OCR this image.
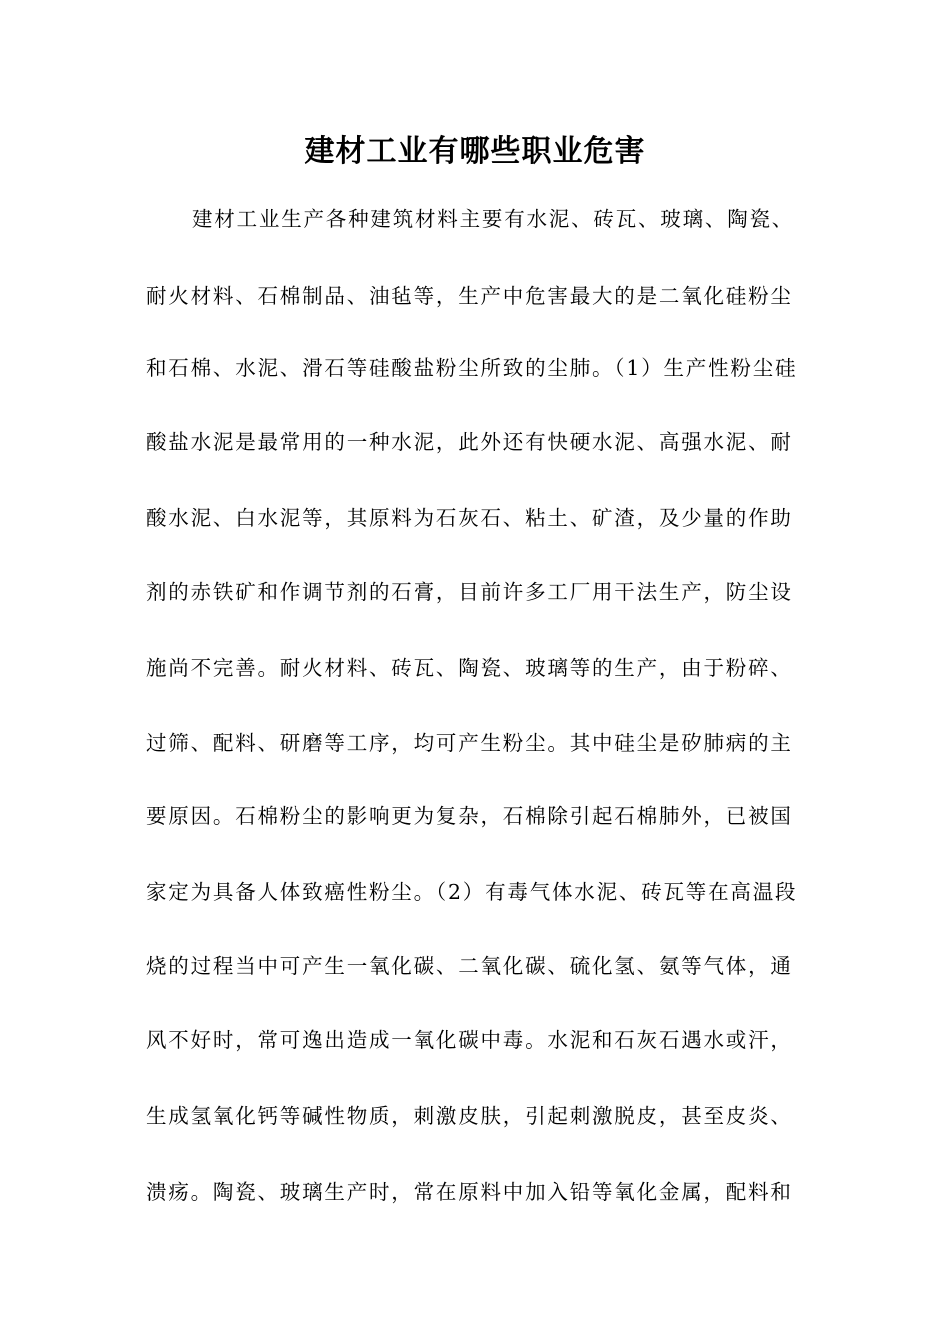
建材工业有哪些职业危害
建材工业生产各种建筑材料主要有水泥、砖瓦、玻璃、陶瓷、
耐火材料、石棉制品、油毡等，生产中危害最大的是二氧化硅粉尘
和石棉、水泥、滑石等硅酸盐粉尘所致的尘肺。（1）生产性粉尘硅
酸盐水泥是最常用的一种水泥，此外还有快硬水泥、高强水泥、耐
酸水泥、白水泥等，其原料为石灰石、粘土、矿渣，及少量的作助
剂的赤铁矿和作调节剂的石膏，目前许多工厂用干法生产，防尘设
施尚不完善。耐火材料、砖瓦、陶瓷、玻璃等的生产，由于粉碎、
过筛、配料、研磨等工序，均可产生粉尘。其中硅尘是矽肺病的主
要原因。石棉粉尘的影响更为复杂，石棉除引起石棉肺外，已被国
家定为具备人体致癌性粉尘。（2）有毒气体水泥、砖瓦等在高温段
烧的过程当中可产生一氧化碳、二氧化碳、硫化氢、氨等气体，通
风不好时，常可逸出造成一氧化碳中毒。水泥和石灰石遇水或汗，
生成氢氧化钙等碱性物质，刺激皮肤，引起刺激脱皮，甚至皮炎、
溃疡。陶瓷、玻璃生产时，常在原料中加入铅等氧化金属，配料和
